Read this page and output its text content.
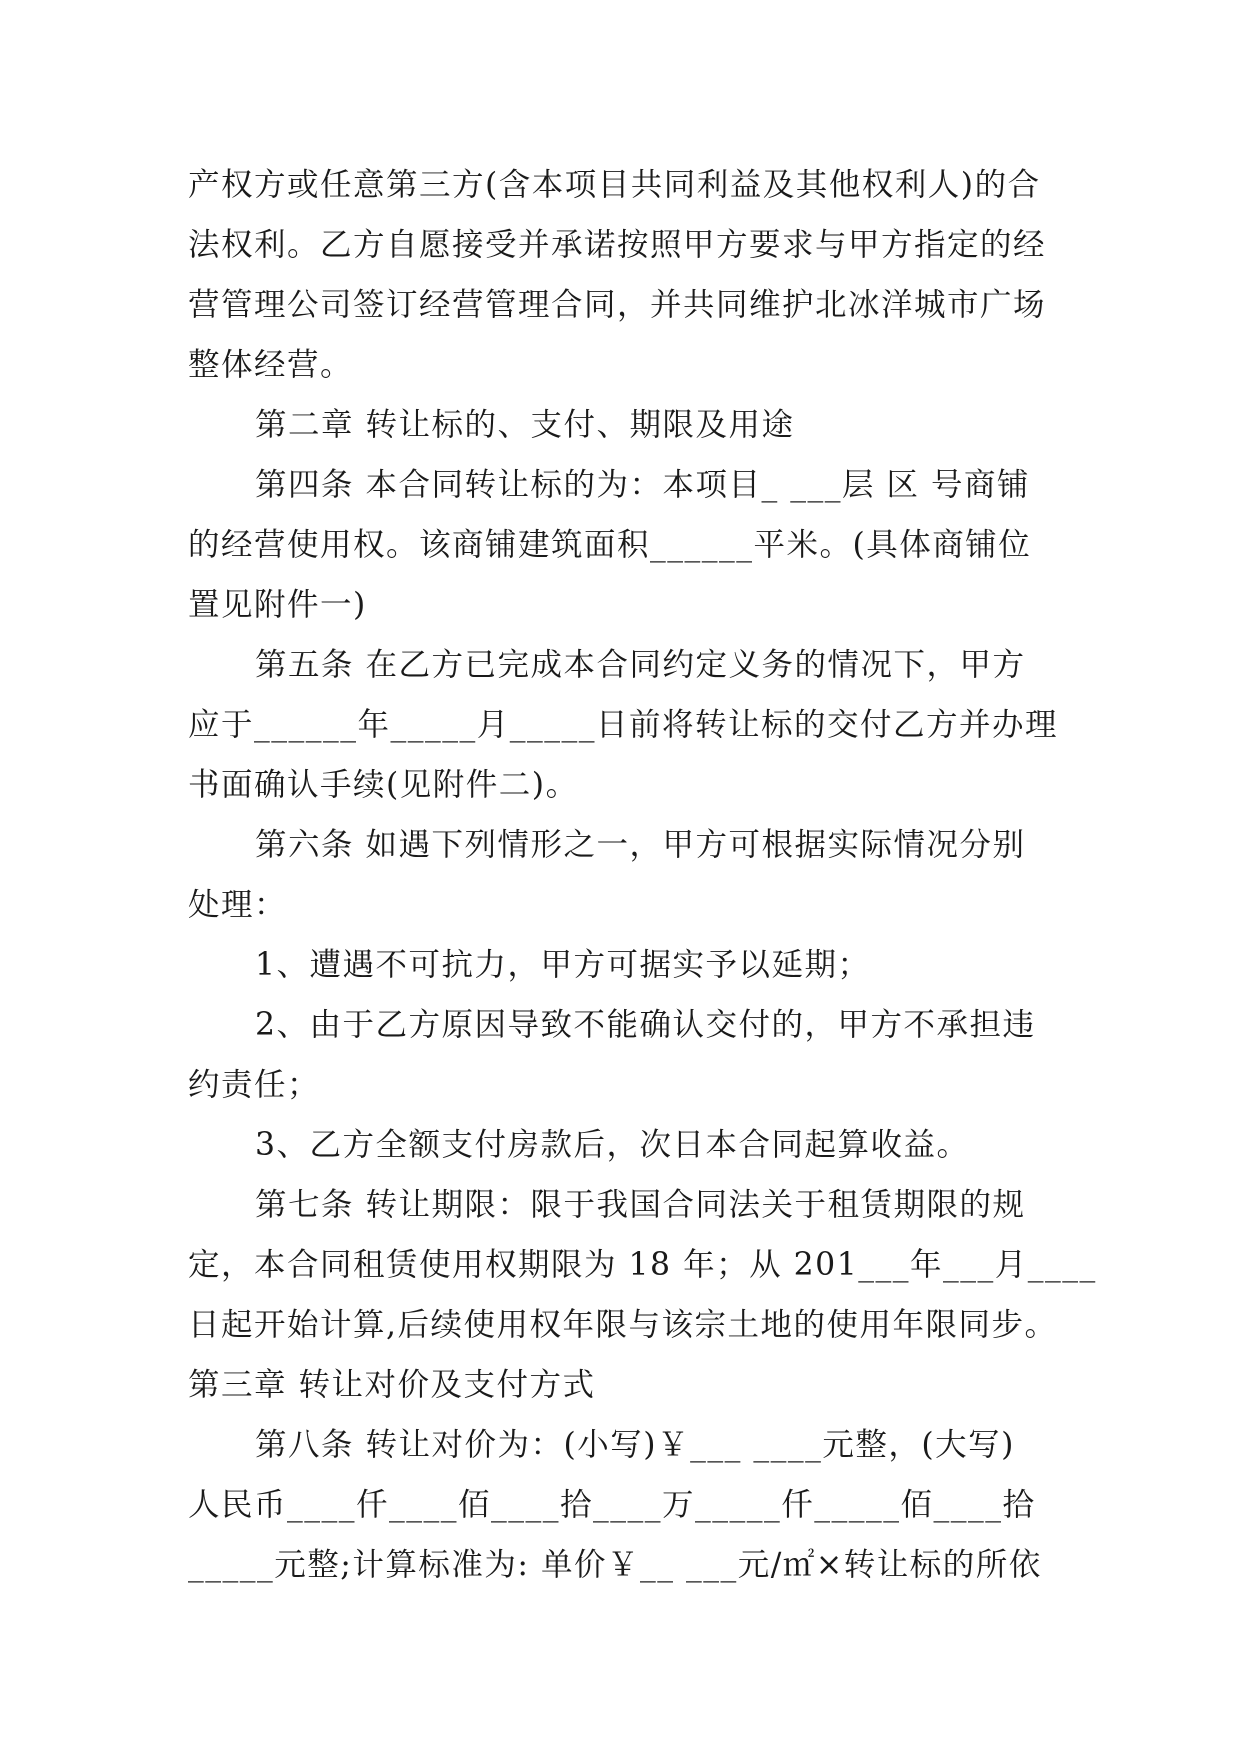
产权方或任意第三方(含本项目共同利益及其他权利人)的合
法权利。乙方自愿接受并承诺按照甲方要求与甲方指定的经
营管理公司签订经营管理合同，并共同维护北冰洋城市广场
整体经营。
第二章 转让标的、支付、期限及用途
第四条 本合同转让标的为：本项目_ ___层 区 号商铺
的经营使用权。该商铺建筑面积______平米。(具体商铺位
置见附件一)
第五条 在乙方已完成本合同约定义务的情况下，甲方
应于______年_____月_____日前将转让标的交付乙方并办理
书面确认手续(见附件二)。
第六条 如遇下列情形之一，甲方可根据实际情况分别
处理：
1、遭遇不可抗力，甲方可据实予以延期；
2、由于乙方原因导致不能确认交付的，甲方不承担违
约责任；
3、乙方全额支付房款后，次日本合同起算收益。
第七条 转让期限：限于我国合同法关于租赁期限的规
定，本合同租赁使用权期限为 18 年；从 201___年___月____
日起开始计算,后续使用权年限与该宗土地的使用年限同步。
第三章 转让对价及支付方式
第八条 转让对价为：(小写)￥___ ____元整，(大写)
人民币____仟____佰____拾____万_____仟_____佰____拾
_____元整;计算标准为: 单价￥__ ___元/㎡×转让标的所依
